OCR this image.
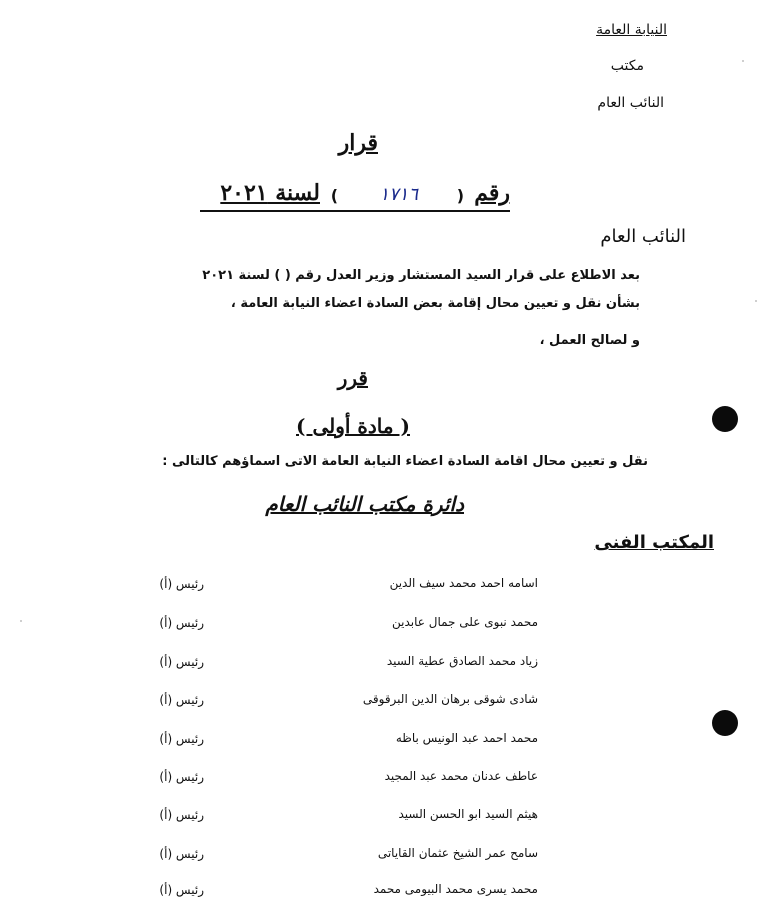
النيابة العامة
مكتب
النائب العام
قرار
رقم
(
١٧١٦
)
لسنة ٢٠٢١
النائب العام
بعد الاطلاع على قرار السيد المستشار وزير العدل رقم ( ) لسنة ٢٠٢١
بشأن نقل و تعيين محال إقامة بعض السادة اعضاء النيابة العامة ،
و لصالح العمل ،
قرر
( مادة أولى )
نقل و تعيين محال اقامة السادة اعضاء النيابة العامة الاتى اسماؤهم كالتالى :
دائرة مكتب النائب العام
المكتب الفنى
اسامه احمد محمد سيف الدين
رئيس (أ)
محمد نبوى على جمال عابدين
رئيس (أ)
زياد محمد الصادق عطية السيد
رئيس (أ)
شادى شوقى برهان الدين البرقوقى
رئيس (أ)
محمد احمد عبد الونيس باظه
رئيس (أ)
عاطف عدنان محمد عبد المجيد
رئيس (أ)
هيثم السيد ابو الحسن السيد
رئيس (أ)
سامح عمر الشيخ عثمان القاياتى
رئيس (أ)
محمد يسرى محمد البيومى محمد
رئيس (أ)
